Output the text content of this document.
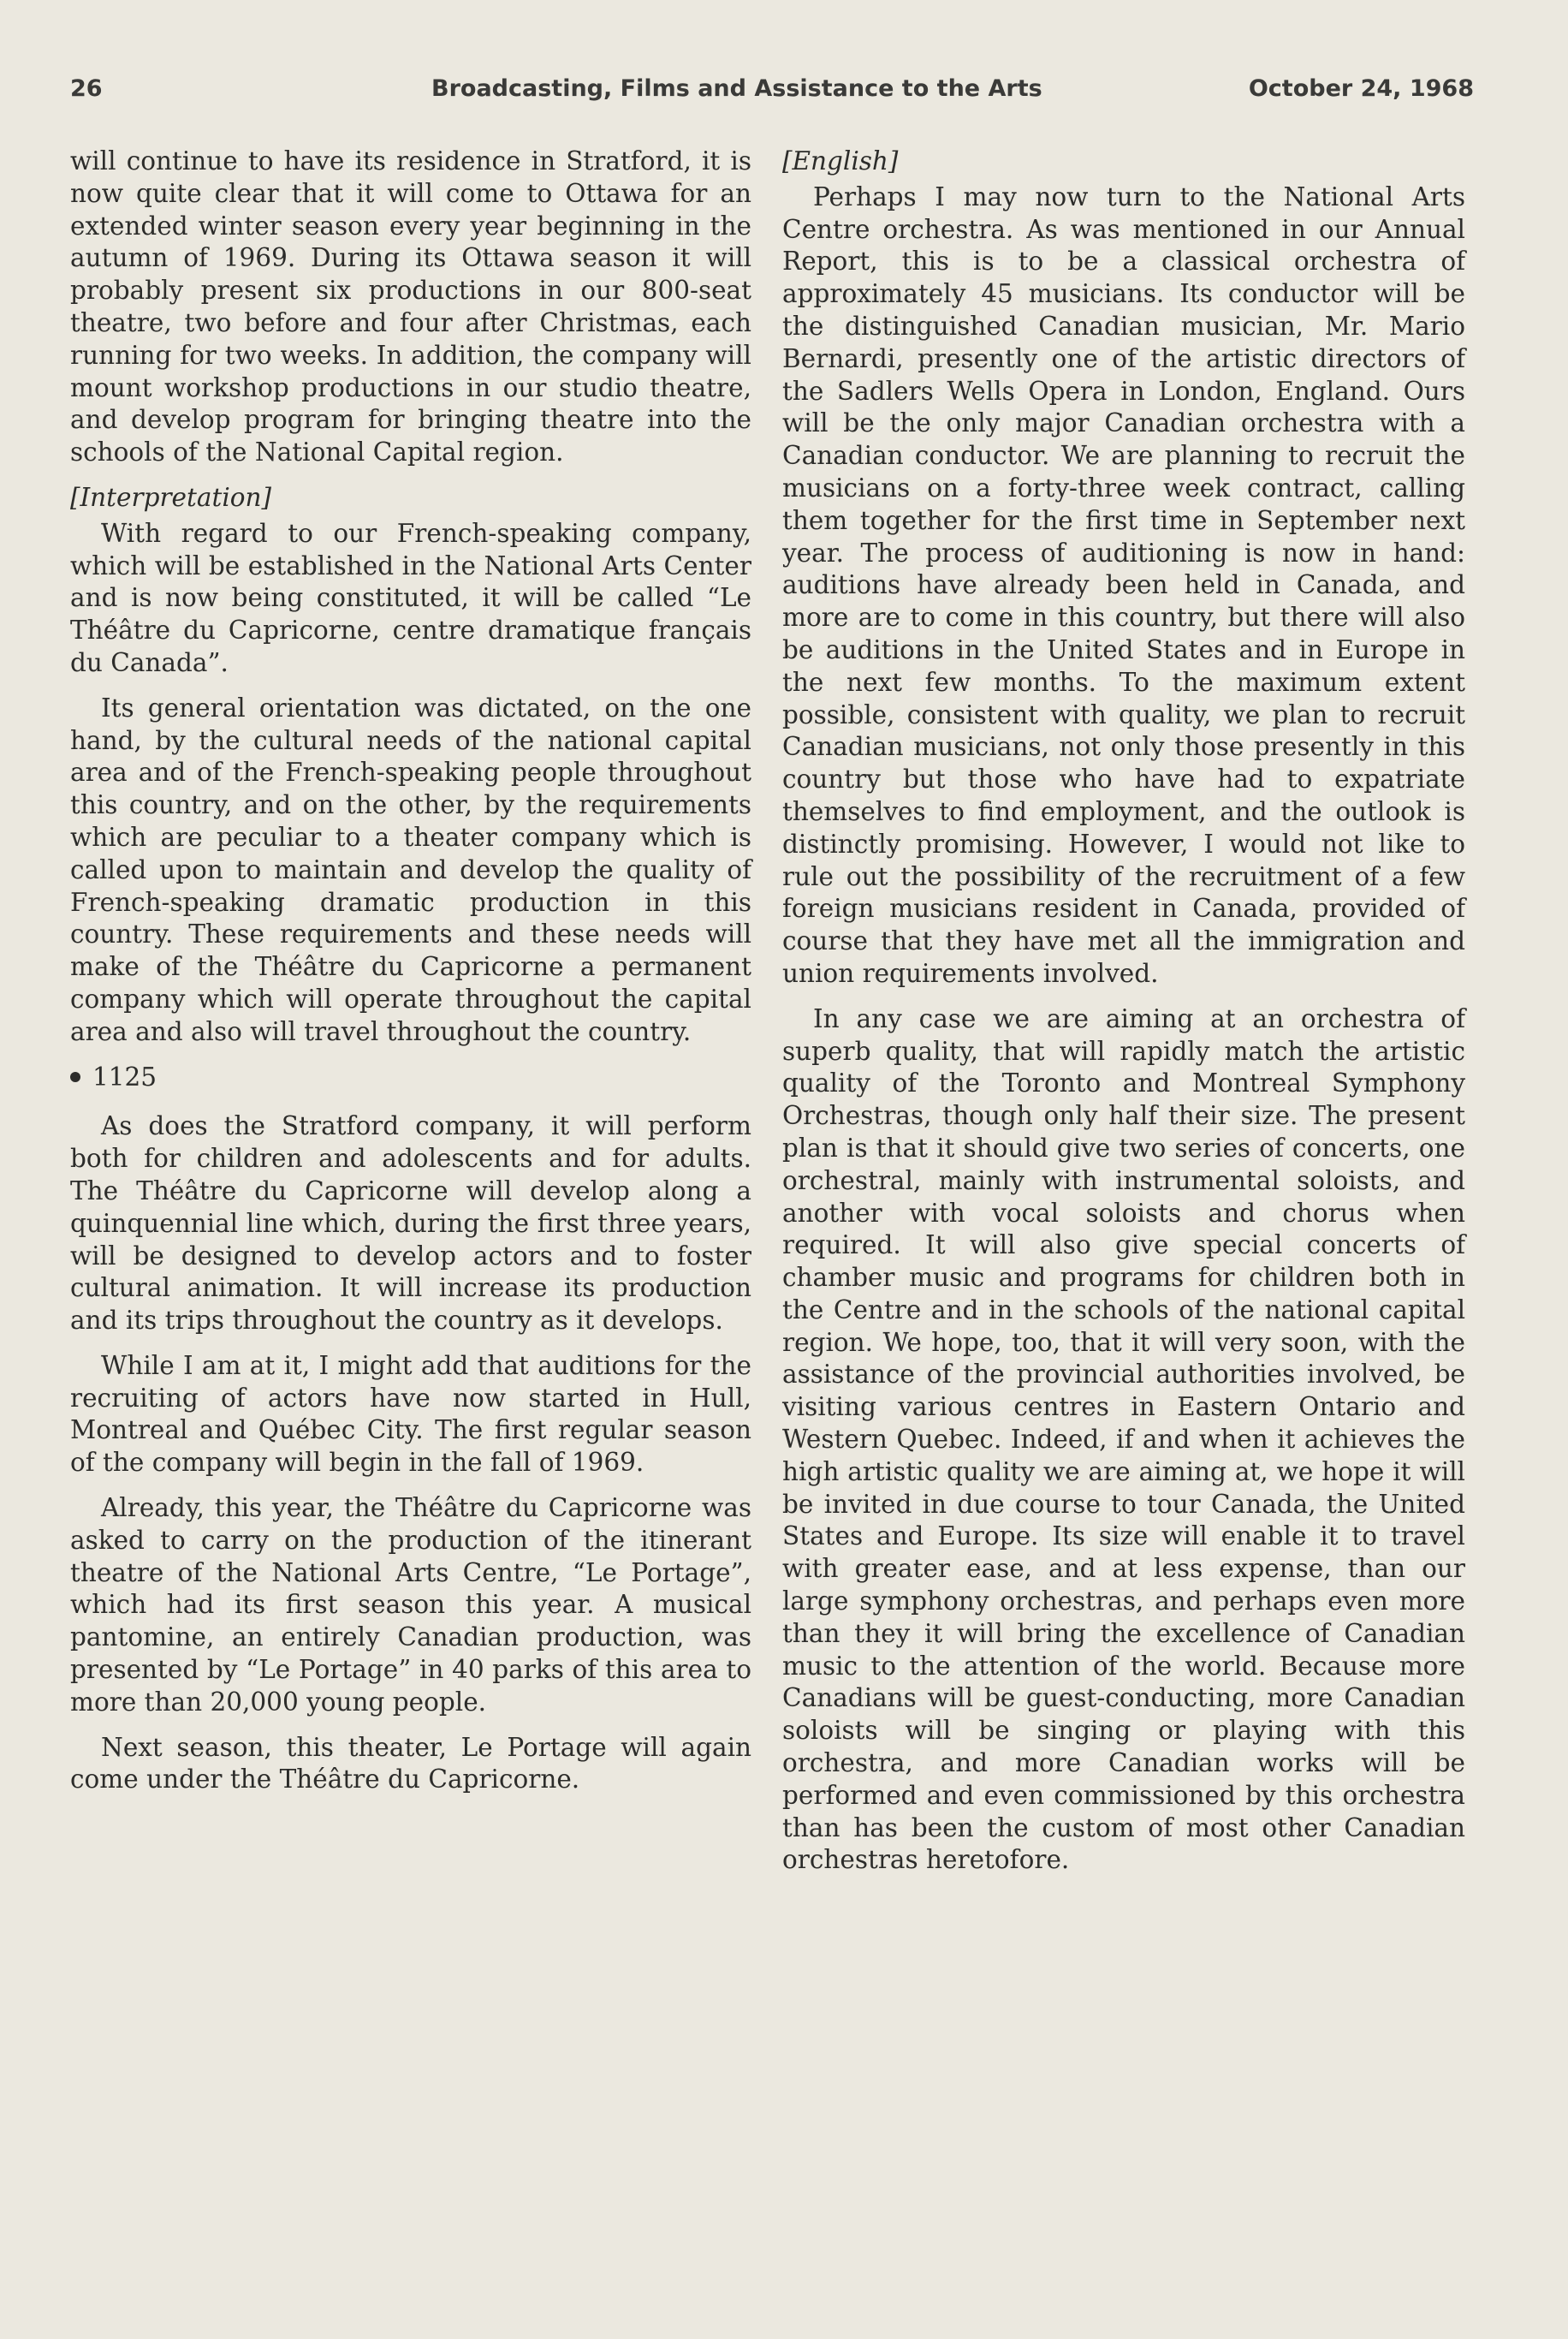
26	Broadcasting, Films and Assistance to the Arts	October 24, 1968

will continue to have its residence in Stratford, it is now quite clear that it will come to Ottawa for an extended winter season every year beginning in the autumn of 1969. During its Ottawa season it will probably present six productions in our 800-seat theatre, two before and four after Christmas, each running for two weeks. In addition, the company will mount workshop productions in our studio theatre, and develop program for bringing theatre into the schools of the National Capital region.

[Interpretation]

With regard to our French-speaking company, which will be established in the National Arts Center and is now being constituted, it will be called “Le Théâtre du Capricorne, centre dramatique français du Canada”.

Its general orientation was dictated, on the one hand, by the cultural needs of the national capital area and of the French-speaking people throughout this country, and on the other, by the requirements which are peculiar to a theater company which is called upon to maintain and develop the quality of French-speaking dramatic production in this country. These requirements and these needs will make of the Théâtre du Capricorne a permanent company which will operate throughout the capital area and also will travel throughout the country.

1125

As does the Stratford company, it will perform both for children and adolescents and for adults. The Théâtre du Capricorne will develop along a quinquennial line which, during the first three years, will be designed to develop actors and to foster cultural animation. It will increase its production and its trips throughout the country as it develops.

While I am at it, I might add that auditions for the recruiting of actors have now started in Hull, Montreal and Québec City. The first regular season of the company will begin in the fall of 1969.

Already, this year, the Théâtre du Capricorne was asked to carry on the production of the itinerant theatre of the National Arts Centre, “Le Portage”, which had its first season this year. A musical pantomine, an entirely Canadian production, was presented by “Le Portage” in 40 parks of this area to more than 20,000 young people.

Next season, this theater, Le Portage will again come under the Théâtre du Capricorne.

[English]

Perhaps I may now turn to the National Arts Centre orchestra. As was mentioned in our Annual Report, this is to be a classical orchestra of approximately 45 musicians. Its conductor will be the distinguished Canadian musician, Mr. Mario Bernardi, presently one of the artistic directors of the Sadlers Wells Opera in London, England. Ours will be the only major Canadian orchestra with a Canadian conductor. We are planning to recruit the musicians on a forty-three week contract, calling them together for the first time in September next year. The process of auditioning is now in hand: auditions have already been held in Canada, and more are to come in this country, but there will also be auditions in the United States and in Europe in the next few months. To the maximum extent possible, consistent with quality, we plan to recruit Canadian musicians, not only those presently in this country but those who have had to expatriate themselves to find employment, and the outlook is distinctly promising. However, I would not like to rule out the possibility of the recruitment of a few foreign musicians resident in Canada, provided of course that they have met all the immigration and union requirements involved.

In any case we are aiming at an orchestra of superb quality, that will rapidly match the artistic quality of the Toronto and Montreal Symphony Orchestras, though only half their size. The present plan is that it should give two series of concerts, one orchestral, mainly with instrumental soloists, and another with vocal soloists and chorus when required. It will also give special concerts of chamber music and programs for children both in the Centre and in the schools of the national capital region. We hope, too, that it will very soon, with the assistance of the provincial authorities involved, be visiting various centres in Eastern Ontario and Western Quebec. Indeed, if and when it achieves the high artistic quality we are aiming at, we hope it will be invited in due course to tour Canada, the United States and Europe. Its size will enable it to travel with greater ease, and at less expense, than our large symphony orchestras, and perhaps even more than they it will bring the excellence of Canadian music to the attention of the world. Because more Canadians will be guest-conducting, more Canadian soloists will be singing or playing with this orchestra, and more Canadian works will be performed and even commissioned by this orchestra than has been the custom of most other Canadian orchestras heretofore.
